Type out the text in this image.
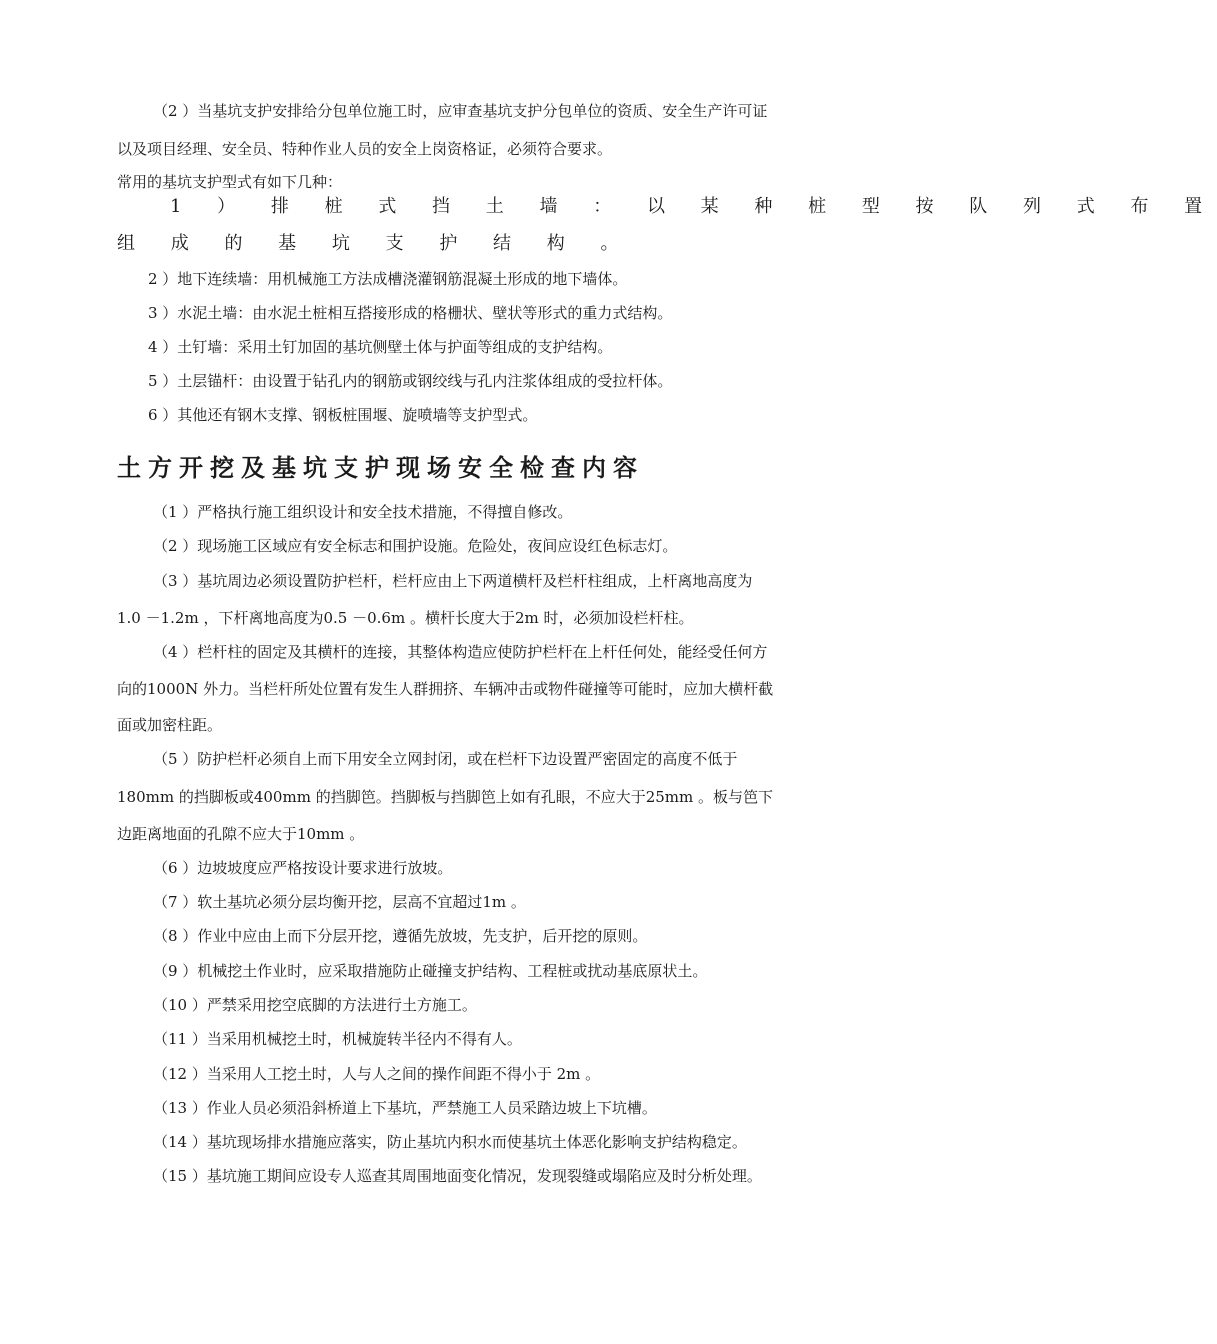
（2 ）当基坑支护安排给分包单位施工时，应审查基坑支护分包单位的资质、安全生产许可证
以及项目经理、安全员、特种作业人员的安全上岗资格证，必须符合要求。
常用的基坑支护型式有如下几种：
1 ） 排 桩 式 挡 土 墙 ： 以 某 种 桩 型 按 队 列 式 布 置
组 成 的 基 坑 支 护 结 构 。
2 ）地下连续墙：用机械施工方法成槽浇灌钢筋混凝土形成的地下墙体。
3 ）水泥土墙：由水泥土桩相互搭接形成的格栅状、壁状等形式的重力式结构。
4 ）土钉墙：采用土钉加固的基坑侧壁土体与护面等组成的支护结构。
5 ）土层锚杆：由设置于钻孔内的钢筋或钢绞线与孔内注浆体组成的受拉杆体。
6 ）其他还有钢木支撑、钢板桩围堰、旋喷墙等支护型式。
土方开挖及基坑支护现场安全检查内容
（1 ）严格执行施工组织设计和安全技术措施，不得擅自修改。
（2 ）现场施工区域应有安全标志和围护设施。危险处，夜间应设红色标志灯。
（3 ）基坑周边必须设置防护栏杆，栏杆应由上下两道横杆及栏杆柱组成，上杆离地高度为
1.0 －1.2m ，下杆离地高度为0.5 －0.6m 。横杆长度大于2m 时，必须加设栏杆柱。
（4 ）栏杆柱的固定及其横杆的连接，其整体构造应使防护栏杆在上杆任何处，能经受任何方
向的1000N 外力。当栏杆所处位置有发生人群拥挤、车辆冲击或物件碰撞等可能时，应加大横杆截
面或加密柱距。
（5 ）防护栏杆必须自上而下用安全立网封闭，或在栏杆下边设置严密固定的高度不低于
180mm 的挡脚板或400mm 的挡脚笆。挡脚板与挡脚笆上如有孔眼，不应大于25mm 。板与笆下
边距离地面的孔隙不应大于10mm 。
（6 ）边坡坡度应严格按设计要求进行放坡。
（7 ）软土基坑必须分层均衡开挖，层高不宜超过1m 。
（8 ）作业中应由上而下分层开挖，遵循先放坡，先支护，后开挖的原则。
（9 ）机械挖土作业时，应采取措施防止碰撞支护结构、工程桩或扰动基底原状土。
（10 ）严禁采用挖空底脚的方法进行土方施工。
（11 ）当采用机械挖土时，机械旋转半径内不得有人。
（12 ）当采用人工挖土时，人与人之间的操作间距不得小于 2m 。
（13 ）作业人员必须沿斜桥道上下基坑，严禁施工人员采踏边坡上下坑槽。
（14 ）基坑现场排水措施应落实，防止基坑内积水而使基坑土体恶化影响支护结构稳定。
（15 ）基坑施工期间应设专人巡查其周围地面变化情况，发现裂缝或塌陷应及时分析处理。
